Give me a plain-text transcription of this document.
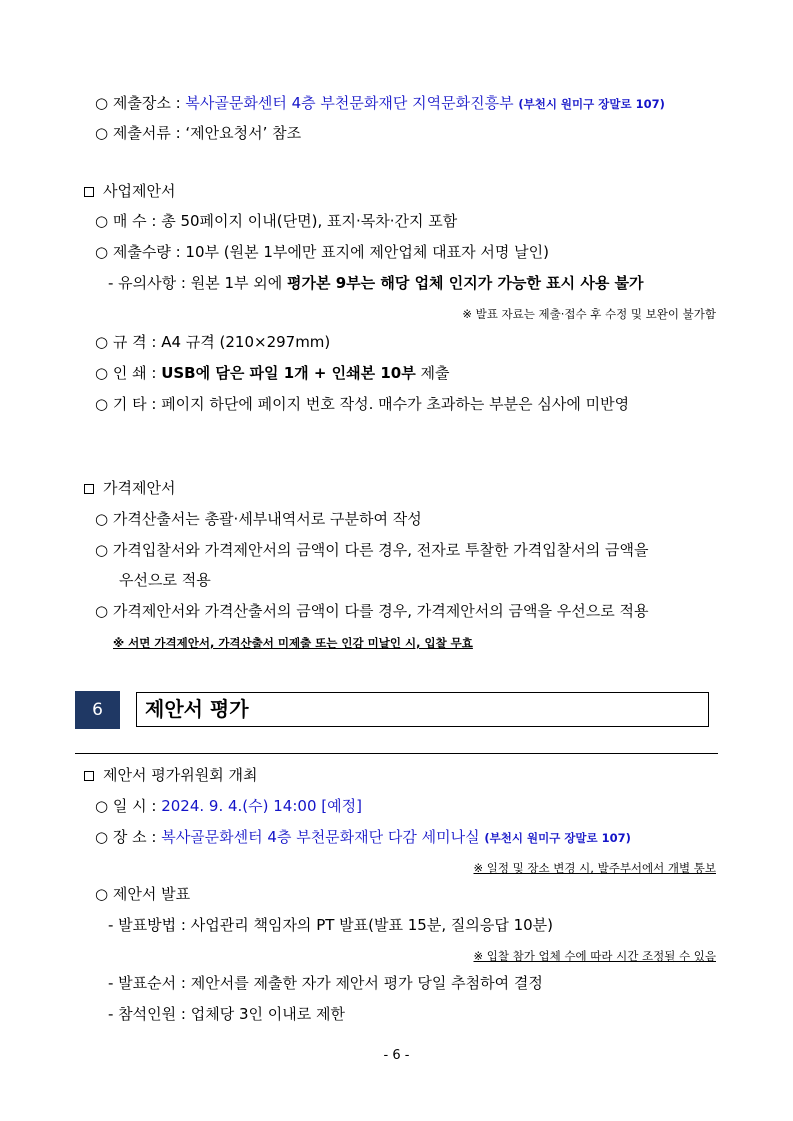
○ 제출장소 : 복사골문화센터 4층 부천문화재단 지역문화진흥부 (부천시 원미구 장말로 107)
○ 제출서류 : ‘제안요청서’ 참조
사업제안서
○ 매 수 : 총 50페이지 이내(단면), 표지·목차·간지 포함
○ 제출수량 : 10부 (원본 1부에만 표지에 제안업체 대표자 서명 날인)
- 유의사항 : 원본 1부 외에 평가본 9부는 해당 업체 인지가 가능한 표시 사용 불가
※ 발표 자료는 제출·접수 후 수정 및 보완이 불가함
○ 규 격 : A4 규격 (210×297mm)
○ 인 쇄 : USB에 담은 파일 1개 + 인쇄본 10부 제출
○ 기 타 : 페이지 하단에 페이지 번호 작성. 매수가 초과하는 부분은 심사에 미반영
가격제안서
○ 가격산출서는 총괄·세부내역서로 구분하여 작성
○ 가격입찰서와 가격제안서의 금액이 다른 경우, 전자로 투찰한 가격입찰서의 금액을
우선으로 적용
○ 가격제안서와 가격산출서의 금액이 다를 경우, 가격제안서의 금액을 우선으로 적용
※ 서면 가격제안서, 가격산출서 미제출 또는 인감 미날인 시, 입찰 무효
6	제안서 평가
제안서 평가위원회 개최
○ 일 시 : 2024. 9. 4.(수) 14:00 [예정]
○ 장 소 : 복사골문화센터 4층 부천문화재단 다감 세미나실 (부천시 원미구 장말로 107)
※ 일정 및 장소 변경 시, 발주부서에서 개별 통보
○ 제안서 발표
- 발표방법 : 사업관리 책임자의 PT 발표(발표 15분, 질의응답 10분)
※ 입찰 참가 업체 수에 따라 시간 조정될 수 있음
- 발표순서 : 제안서를 제출한 자가 제안서 평가 당일 추첨하여 결정
- 참석인원 : 업체당 3인 이내로 제한
- 6 -
